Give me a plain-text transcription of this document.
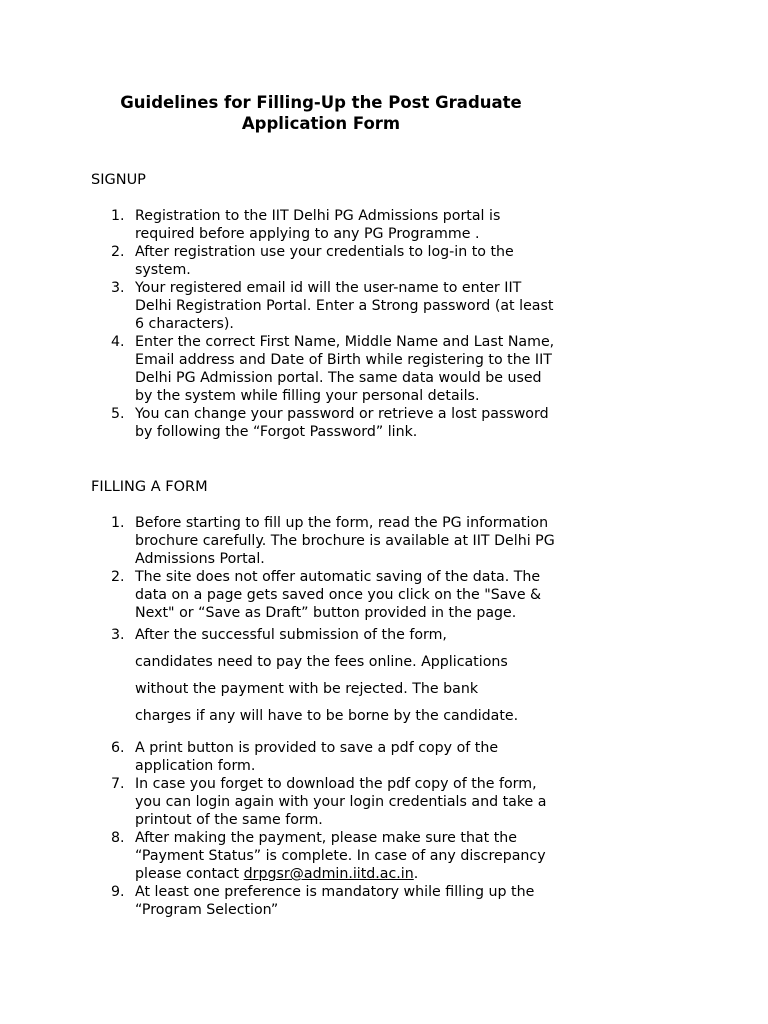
Guidelines for Filling-Up the Post Graduate
Application Form
SIGNUP
1. Registration to the IIT Delhi PG Admissions portal is required before applying to any PG Programme .
2. After registration use your credentials to log-in to the system.
3. Your registered email id will the user-name to enter IIT Delhi Registration Portal. Enter a Strong password (at least 6 characters).
4. Enter the correct First Name, Middle Name and Last Name, Email address and Date of Birth while registering to the IIT Delhi PG Admission portal. The same data would be used by the system while filling your personal details.
5. You can change your password or retrieve a lost password by following the “Forgot Password” link.
FILLING A FORM
1. Before starting to fill up the form, read the PG information brochure carefully. The brochure is available at IIT Delhi PG Admissions Portal.
2. The site does not offer automatic saving of the data. The data on a page gets saved once you click on the "Save & Next" or “Save as Draft” button provided in the page.
3. After the successful submission of the form,
candidates need to pay the fees online. Applications
without the payment with be rejected. The bank
charges if any will have to be borne by the candidate.
6. A print button is provided to save a pdf copy of the application form.
7. In case you forget to download the pdf copy of the form, you can login again with your login credentials and take a printout of the same form.
8. After making the payment, please make sure that the “Payment Status” is complete. In case of any discrepancy please contact drpgsr@admin.iitd.ac.in.
9. At least one preference is mandatory while filling up the “Program Selection”
